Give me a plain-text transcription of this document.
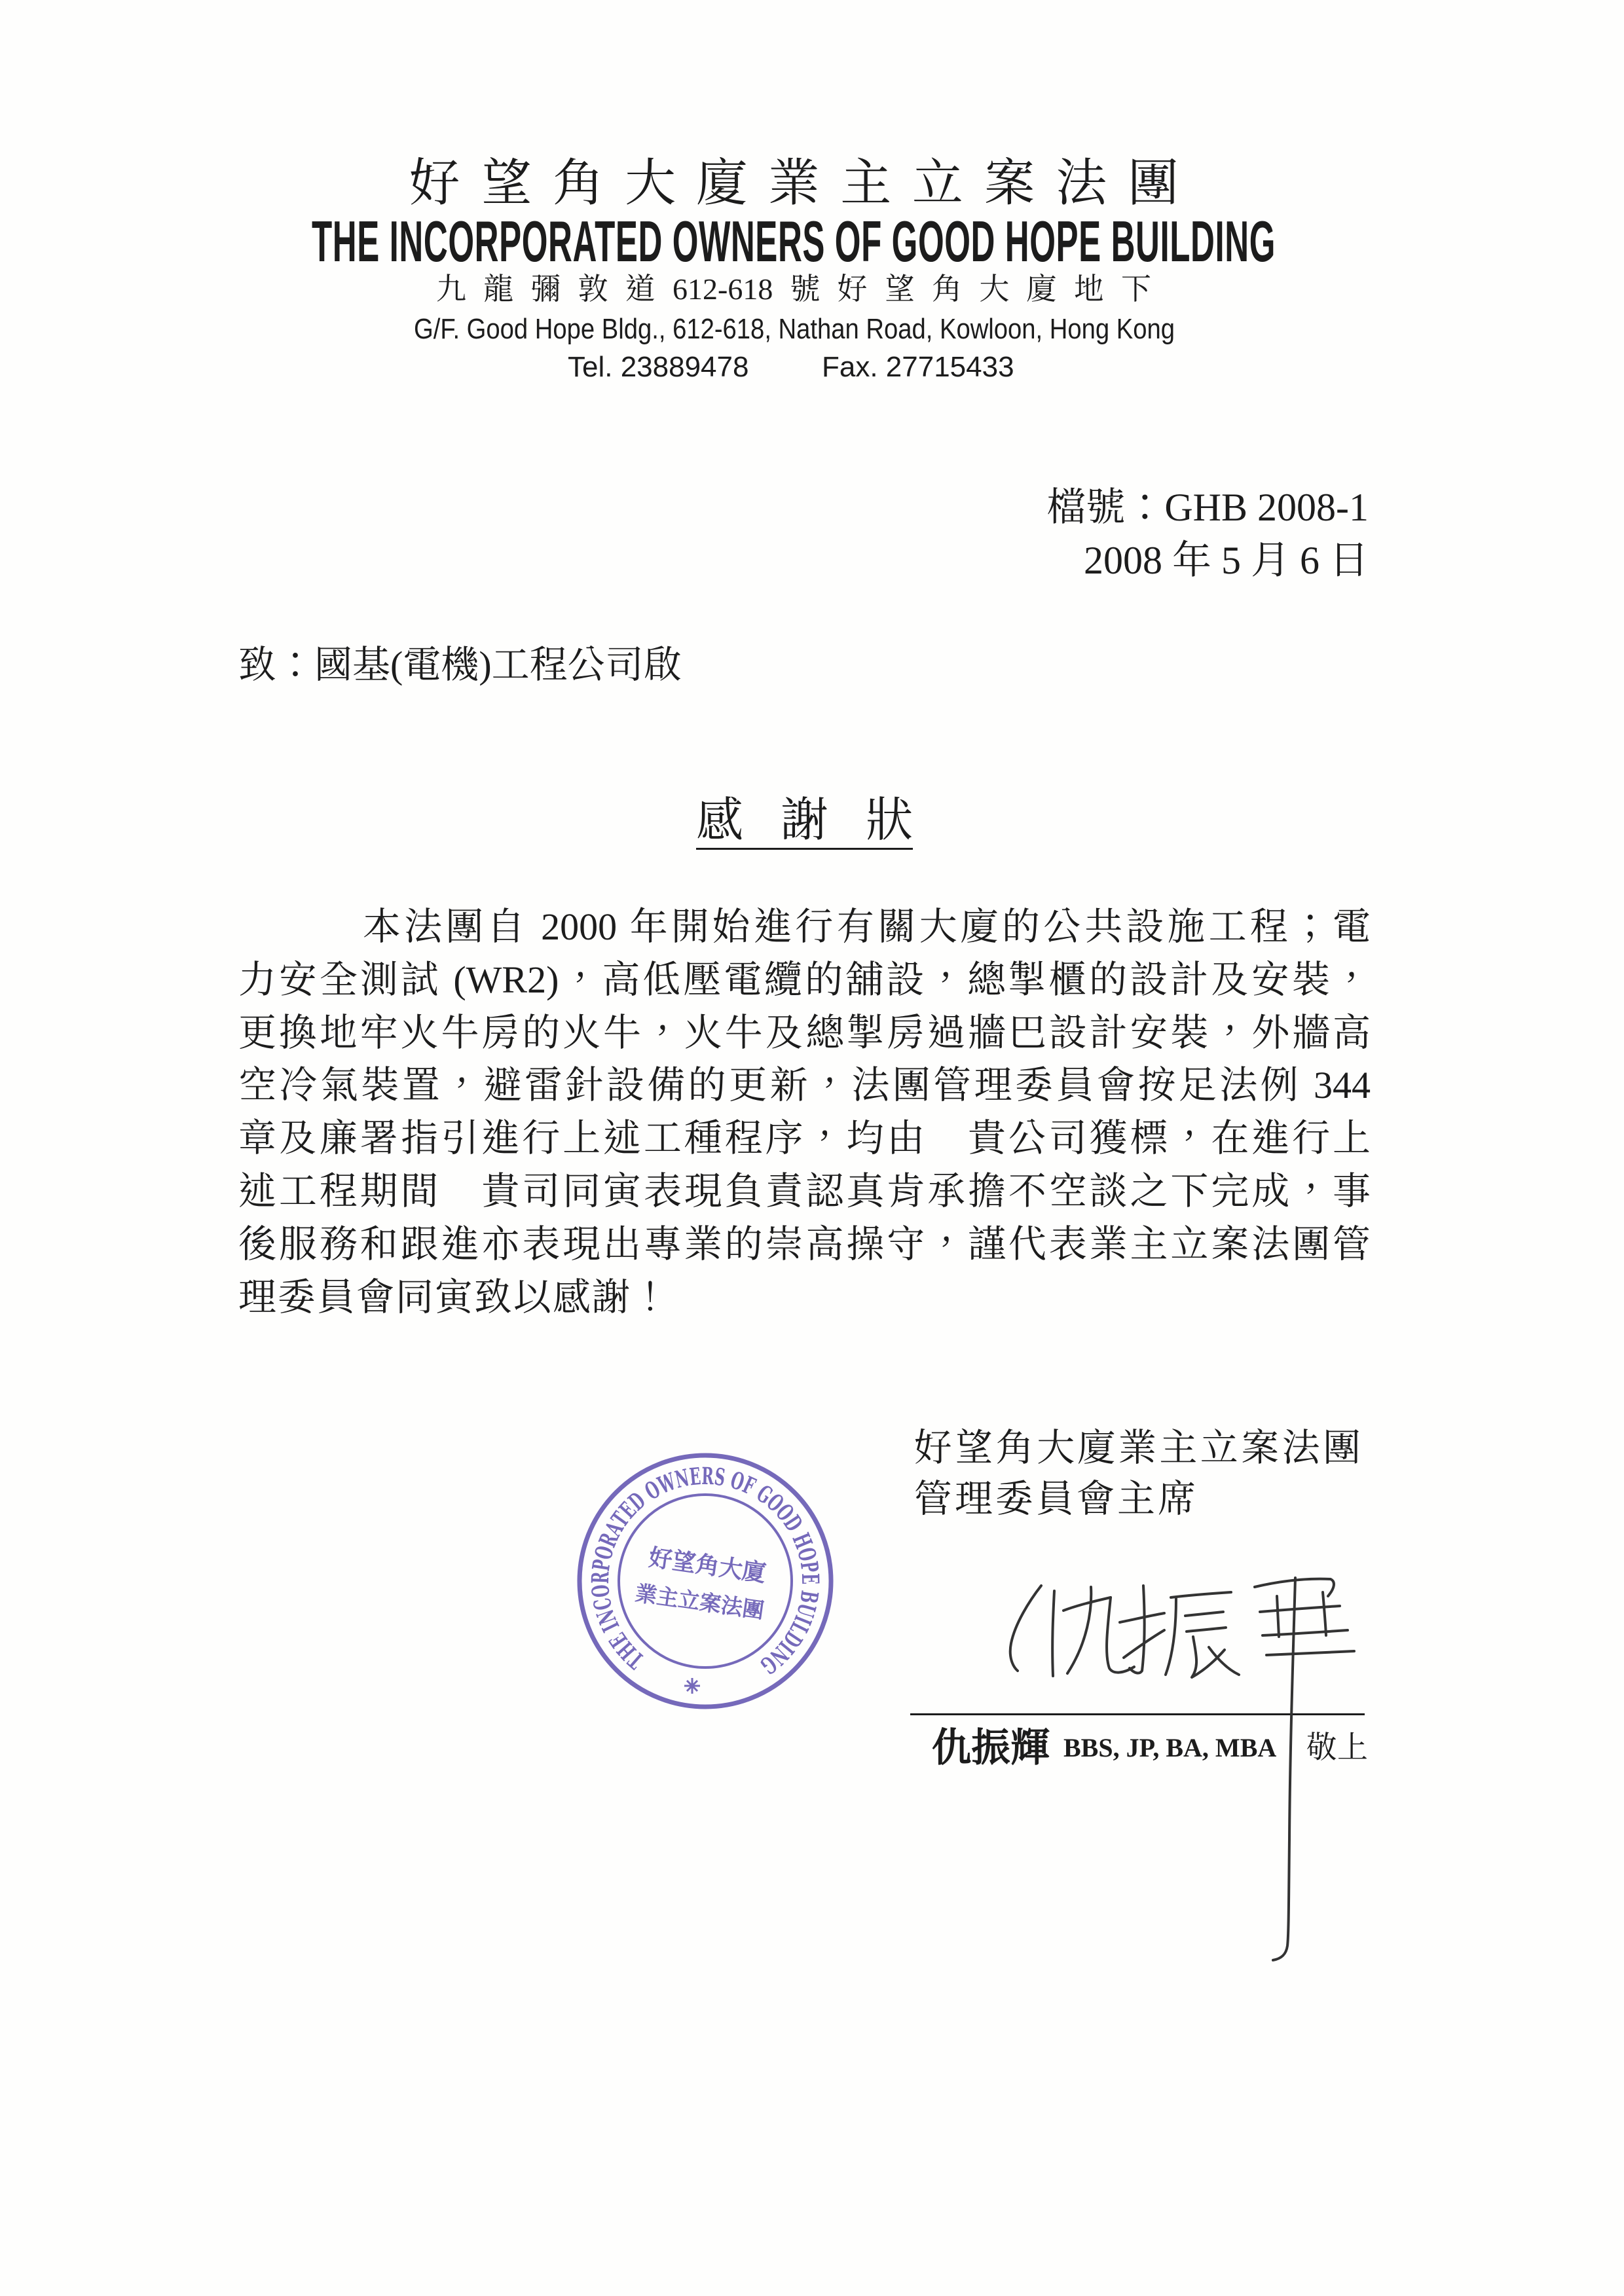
好望角大廈業主立案法團
THE INCORPORATED OWNERS OF GOOD HOPE BUILDING
九龍彌敦道612-618號好望角大廈地下
G/F. Good Hope Bldg., 612-618, Nathan Road, Kowloon, Hong Kong
Tel. 23889478	Fax. 27715433
檔號：GHB 2008-1
2008 年 5 月 6 日
致：國基(電機)工程公司啟
感謝狀
本法團自 2000 年開始進行有關大廈的公共設施工程；電
力安全測試 (WR2)，高低壓電纜的舖設，總掣櫃的設計及安裝，
更換地牢火牛房的火牛，火牛及總掣房過牆巴設計安裝，外牆高
空冷氣裝置，避雷針設備的更新，法團管理委員會按足法例 344
章及廉署指引進行上述工種程序，均由　貴公司獲標，在進行上
述工程期間　貴司同寅表現負責認真肯承擔不空談之下完成，事
後服務和跟進亦表現出專業的崇高操守，謹代表業主立案法團管
理委員會同寅致以感謝！
好望角大廈業主立案法團
管理委員會主席
THE INCORPORATED OWNERS OF GOOD HOPE BUILDING
好望角大廈
業主立案法團
仇振輝 BBS, JP, BA, MBA 敬上
